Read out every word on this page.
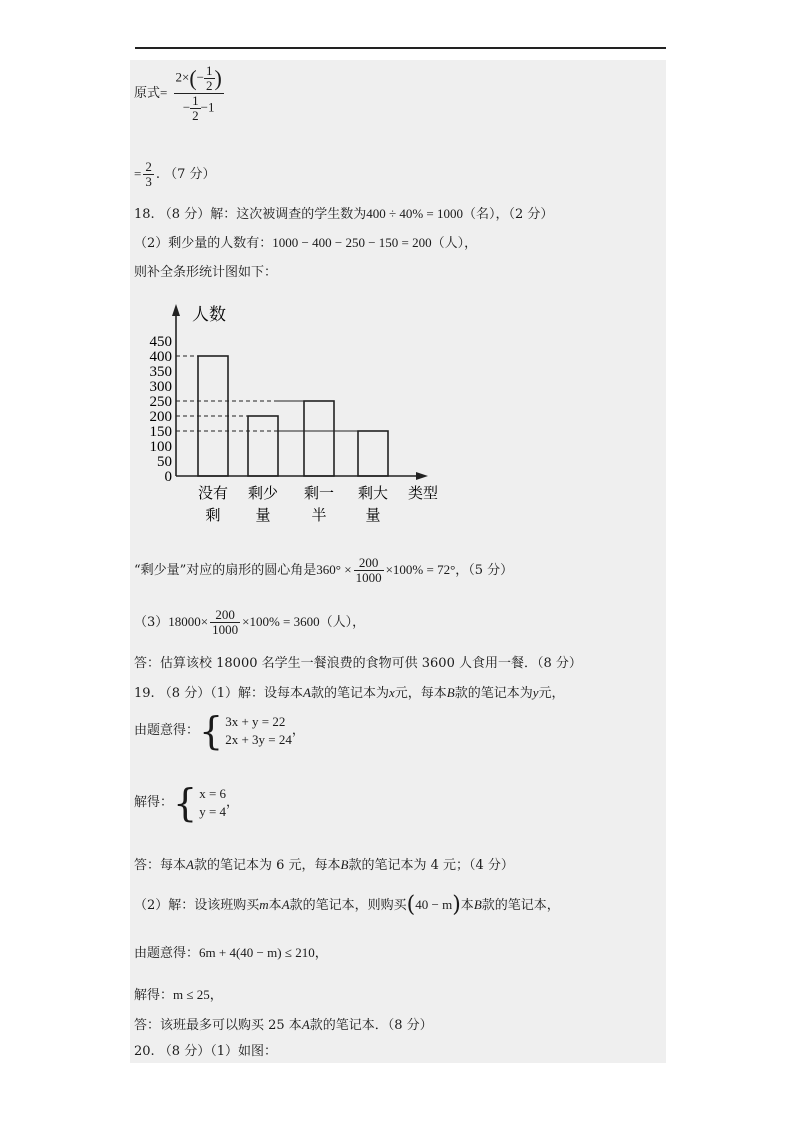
原式= $\frac{2\times(- \frac{1}{2} )}{- \frac{1}{2} -1}$
= $\frac{2}{3}$ . （7 分）
18. （8 分）解：这次被调查的学生数为400 ÷ 40% = 1000（名），（2 分）
（2）剩少量的人数有：1000 − 400 − 250 − 150 = 200（人），
则补全条形统计图如下：
人数
类型
450
400
350
300
250
200
150
100
50
0
没有
剩
剩少
量
剩一
半
剩大
量
“剩少量”对应的扇形的圆心角是$360^\circ \times \frac{200}{1000} \times 100\% = 72^\circ$，（5 分）
$(3)18000\times \frac{200}{1000} \times 100\% = 3600$（人），
答：估算该校 18000 名学生一餐浪费的食物可供 3600 人食用一餐．（8 分）
19. （8 分）（1）解：设每本A款的笔记本为x元，每本B款的笔记本为y元，
由题意得：{ 3x + y = 22
2x + 3y = 24
，
解得：{ x = 6
y = 4
，
答：每本A款的笔记本为 6 元，每本B款的笔记本为 4 元；（4 分）
（2）解：设该班购买m本A款的笔记本，则购买(40 − m)本B款的笔记本，
由题意得：6m + 4(40 − m) ≤ 210，
解得：m ≤ 25，
答：该班最多可以购买 25 本A款的笔记本．（8 分）
20. （8 分）（1）如图：
